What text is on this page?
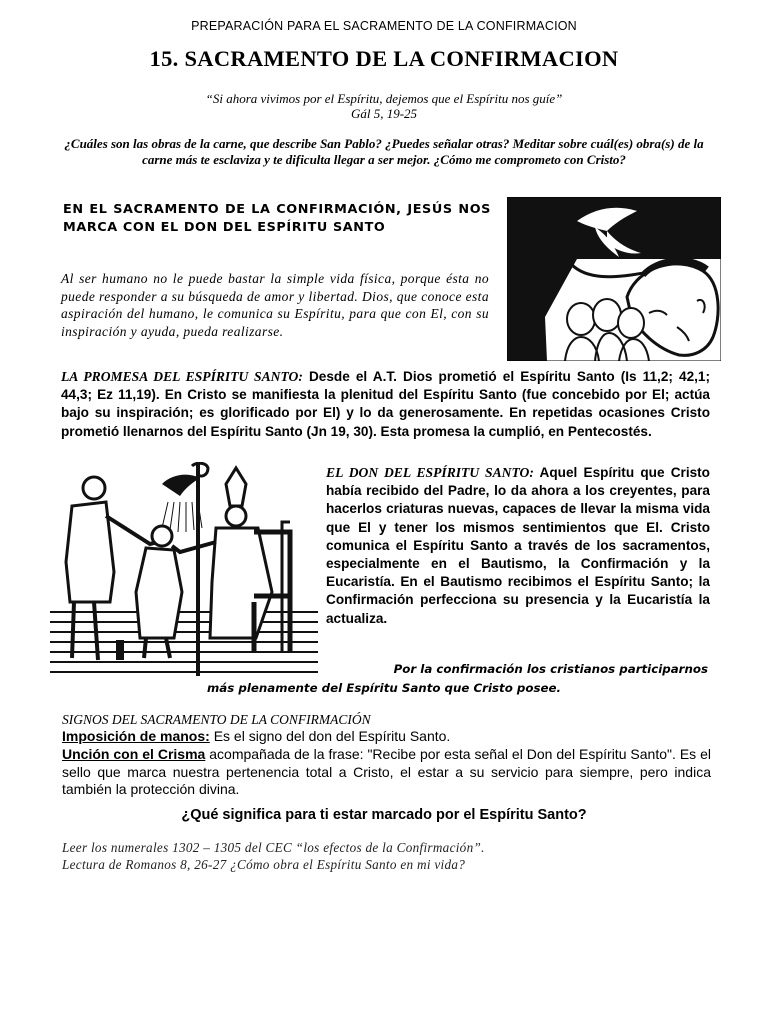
PREPARACIÓN PARA EL SACRAMENTO DE LA CONFIRMACION
15. SACRAMENTO DE LA CONFIRMACION
“Si ahora vivimos por el Espíritu, dejemos que el Espíritu nos guíe”
Gál 5, 19-25
¿Cuáles son las obras de la carne, que describe San Pablo? ¿Puedes señalar otras? Meditar sobre cuál(es) obra(s) de la carne más te esclaviza y te dificulta llegar a ser mejor. ¿Cómo me comprometo con Cristo?
EN EL SACRAMENTO DE LA CONFIRMACIÓN, JESÚS NOS MARCA CON EL DON DEL ESPÍRITU SANTO
Al ser humano no le puede bastar la simple vida física, porque ésta no puede responder a su búsqueda de amor y libertad. Dios, que conoce esta aspiración del humano, le comunica su Espíritu, para que con El, con su inspiración y ayuda, pueda realizarse.
LA PROMESA DEL ESPÍRITU SANTO: Desde el A.T. Dios prometió el Espíritu Santo (Is 11,2; 42,1; 44,3; Ez 11,19). En Cristo se manifiesta la plenitud del Espíritu Santo (fue concebido por El; actúa bajo su inspiración; es glorificado por El) y lo da generosamente. En repetidas ocasiones Cristo prometió llenarnos del Espíritu Santo (Jn 19, 30). Esta promesa la cumplió, en Pentecostés.
EL DON DEL ESPÍRITU SANTO: Aquel Espíritu que Cristo había recibido del Padre, lo da ahora a los creyentes, para hacerlos criaturas nuevas, capaces de llevar la misma vida que El y tener los mismos sentimientos que El. Cristo comunica el Espíritu Santo a través de los sacramentos, especialmente en el Bautismo, la Confirmación y la Eucaristía. En el Bautismo recibimos el Espíritu Santo; la Confirmación perfecciona su presencia y la Eucaristía la actualiza.
Por la confirmación los cristianos participarnos
más plenamente del Espíritu Santo que Cristo posee.
SIGNOS DEL SACRAMENTO DE LA CONFIRMACIÓN
Imposición de manos: Es el signo del don del Espíritu Santo.
Unción con el Crisma acompañada de la frase: "Recibe por esta señal el Don del Espíritu Santo". Es el sello que marca nuestra pertenencia total a Cristo, el estar a su servicio para siempre, pero indica también la protección divina.
¿Qué significa para ti estar marcado por el Espíritu Santo?
Leer los numerales 1302 – 1305 del CEC “los efectos de la Confirmación”.
Lectura de Romanos 8, 26-27 ¿Cómo obra el Espíritu Santo en mi vida?
